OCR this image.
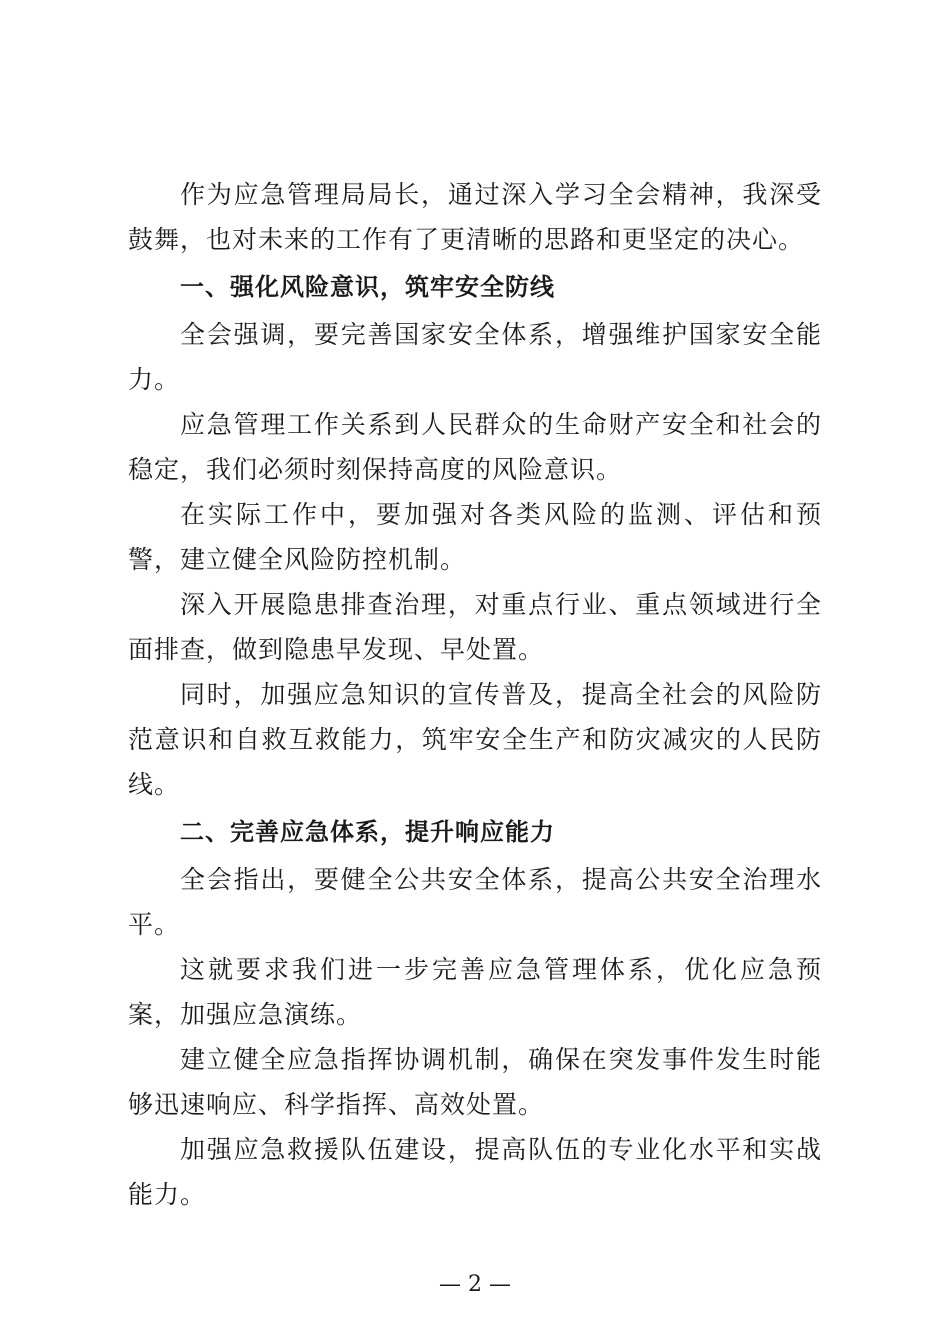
作为应急管理局局长，通过深入学习全会精神，我深受鼓舞，也对未来的工作有了更清晰的思路和更坚定的决心。

一、强化风险意识，筑牢安全防线

全会强调，要完善国家安全体系，增强维护国家安全能力。

应急管理工作关系到人民群众的生命财产安全和社会的稳定，我们必须时刻保持高度的风险意识。

在实际工作中，要加强对各类风险的监测、评估和预警，建立健全风险防控机制。

深入开展隐患排查治理，对重点行业、重点领域进行全面排查，做到隐患早发现、早处置。

同时，加强应急知识的宣传普及，提高全社会的风险防范意识和自救互救能力，筑牢安全生产和防灾减灾的人民防线。

二、完善应急体系，提升响应能力

全会指出，要健全公共安全体系，提高公共安全治理水平。

这就要求我们进一步完善应急管理体系，优化应急预案，加强应急演练。

建立健全应急指挥协调机制，确保在突发事件发生时能够迅速响应、科学指挥、高效处置。

加强应急救援队伍建设，提高队伍的专业化水平和实战能力。

— 2 —
